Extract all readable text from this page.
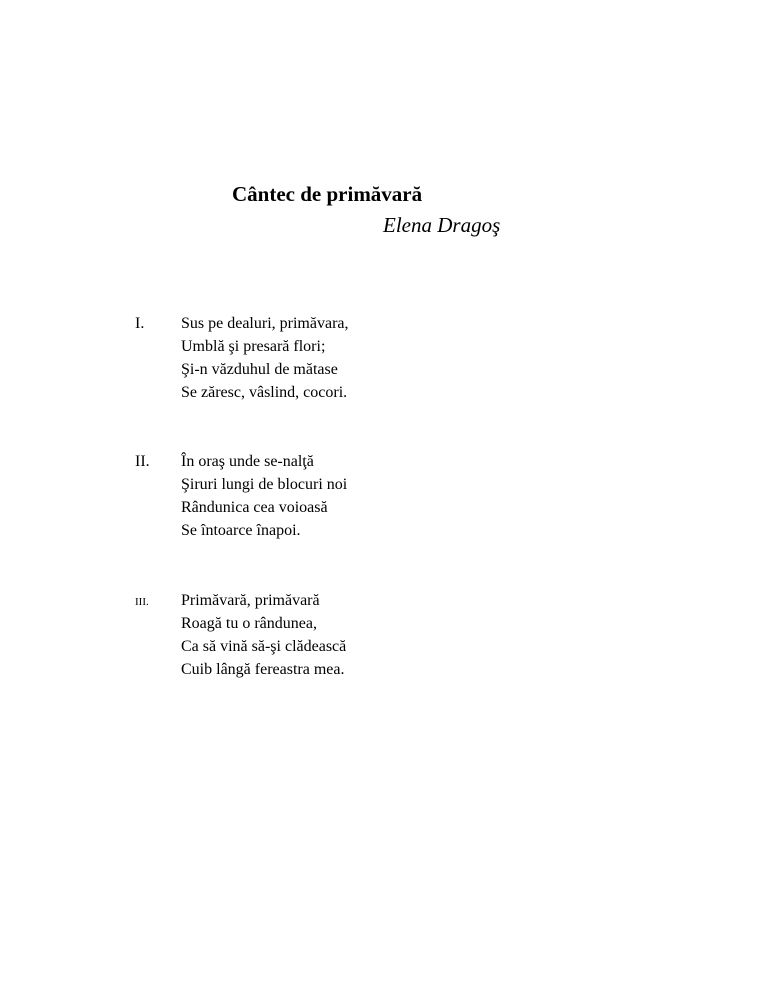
Cântec de primăvară
Elena Dragoş
I. Sus pe dealuri, primăvara,
Umblă şi presară flori;
Şi-n văzduhul de mătase
Se zăresc, vâslind, cocori.
II. În oraş unde se-nalţă
Şiruri lungi de blocuri noi
Rândunica cea voioasă
Se întoarce înapoi.
III. Primăvară, primăvară
Roagă tu o rândunea,
Ca să vină să-şi clădească
Cuib lângă fereastra mea.
